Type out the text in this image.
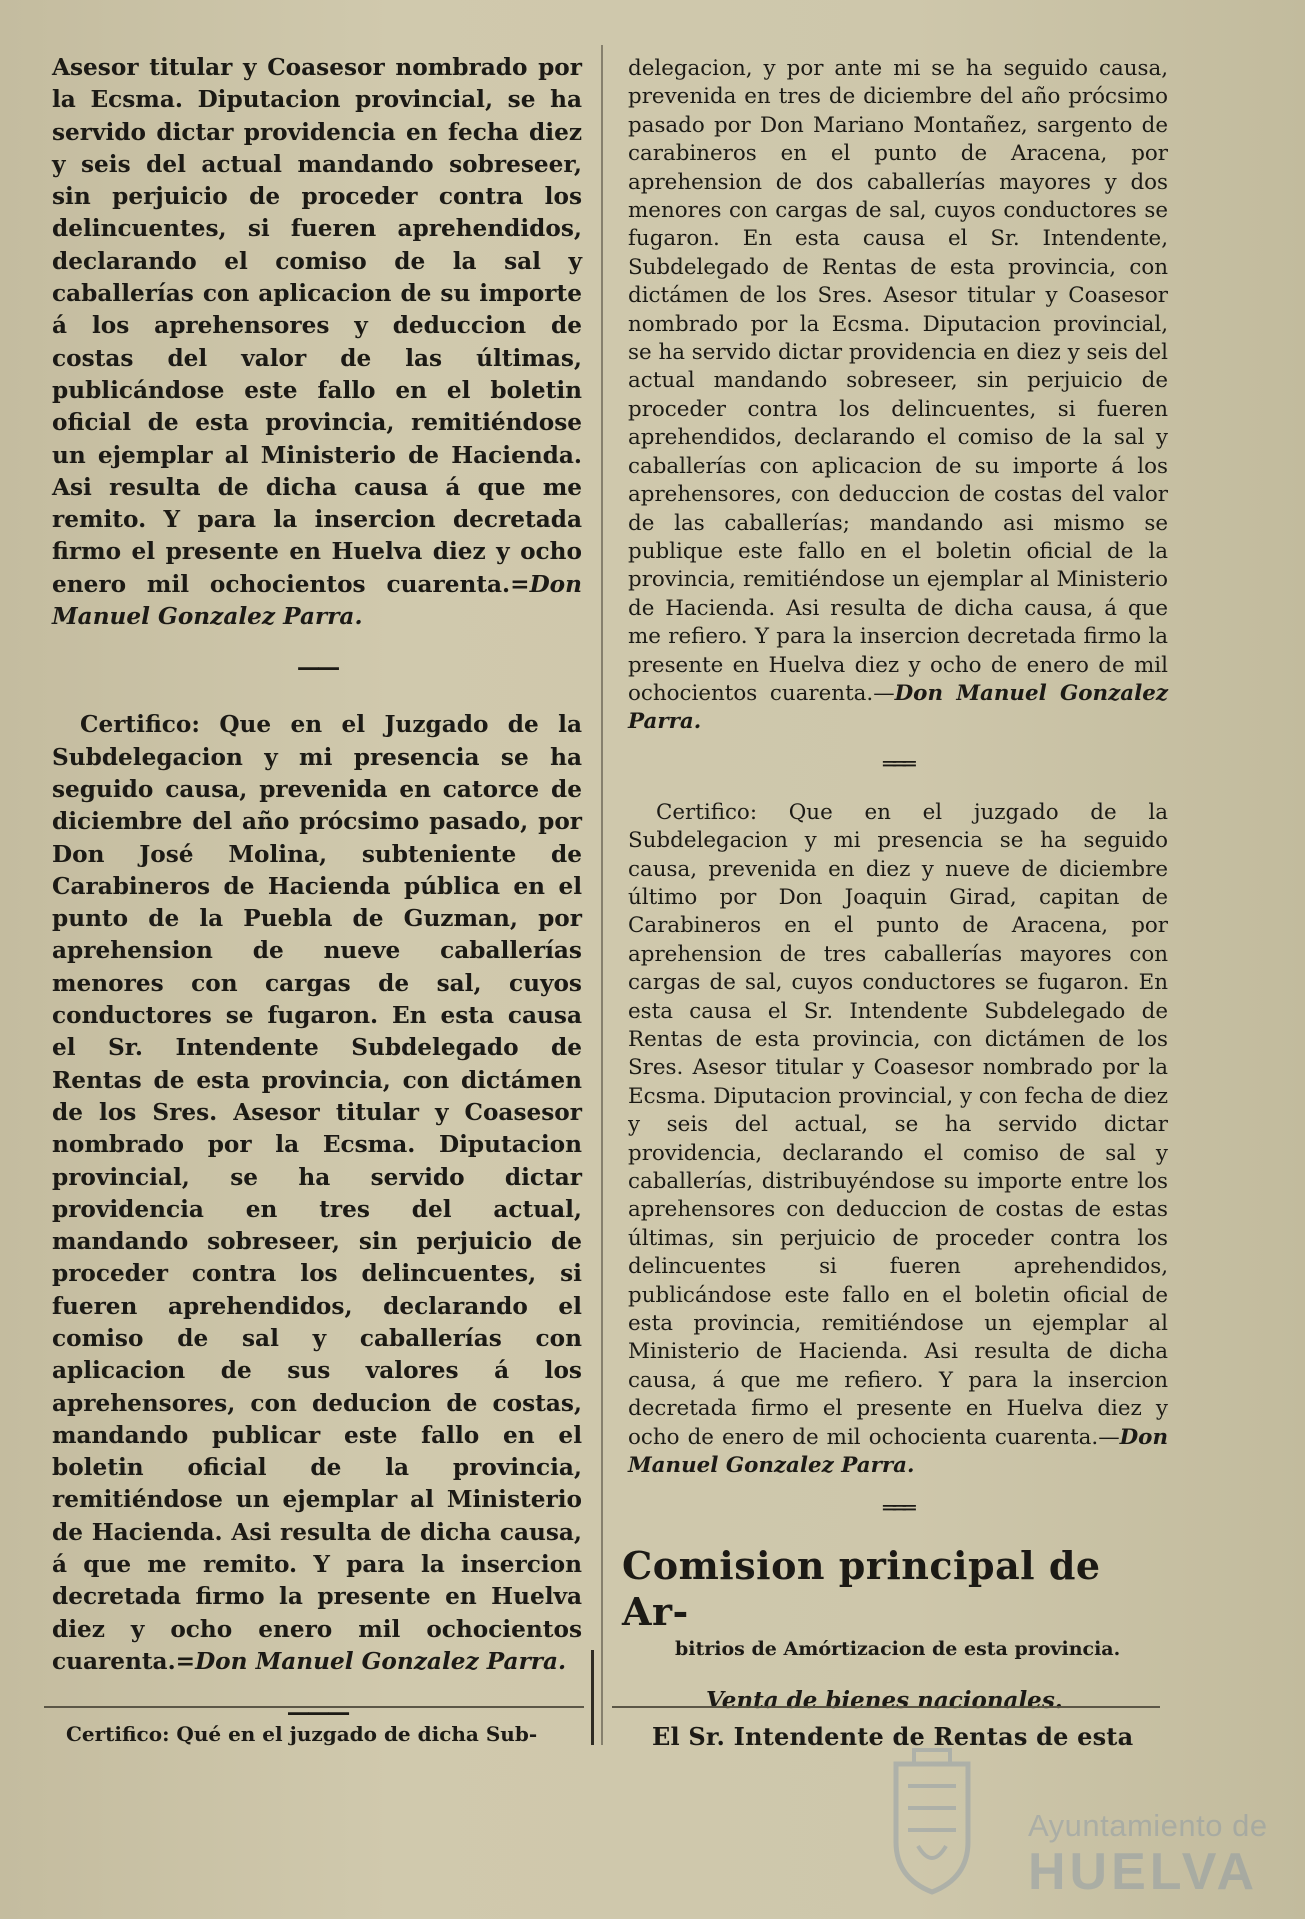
Asesor titular y Coasesor nombrado por la Ecsma. Diputacion provincial, se ha servido dictar providencia en fecha diez y seis del actual mandando sobreseer, sin perjuicio de proceder contra los delincuentes, si fueren aprehendidos, declarando el comiso de la sal y caballerías con aplicacion de su importe á los aprehensores y deduccion de costas del valor de las últimas, publicándose este fallo en el boletin oficial de esta provincia, remitiéndose un ejemplar al Ministerio de Hacienda. Asi resulta de dicha causa á que me remito. Y para la insercion decretada firmo el presente en Huelva diez y ocho enero mil ochocientos cuarenta.=Don Manuel Gonzalez Parra.

——

Certifico: Que en el Juzgado de la Subdelegacion y mi presencia se ha seguido causa, prevenida en catorce de diciembre del año prócsimo pasado, por Don José Molina, subteniente de Carabineros de Hacienda pública en el punto de la Puebla de Guzman, por aprehension de nueve caballerías menores con cargas de sal, cuyos conductores se fugaron. En esta causa el Sr. Intendente Subdelegado de Rentas de esta provincia, con dictámen de los Sres. Asesor titular y Coasesor nombrado por la Ecsma. Diputacion provincial, se ha servido dictar providencia en tres del actual, mandando sobreseer, sin perjuicio de proceder contra los delincuentes, si fueren aprehendidos, declarando el comiso de sal y caballerías con aplicacion de sus valores á los aprehensores, con deducion de costas, mandando publicar este fallo en el boletin oficial de la provincia, remitiéndose un ejemplar al Ministerio de Hacienda. Asi resulta de dicha causa, á que me remito. Y para la insercion decretada firmo la presente en Huelva diez y ocho enero mil ochocientos cuarenta.=Don Manuel Gonzalez Parra.

———

delegacion, y por ante mi se ha seguido causa, prevenida en tres de diciembre del año prócsimo pasado por Don Mariano Montañez, sargento de carabineros en el punto de Aracena, por aprehension de dos caballerías mayores y dos menores con cargas de sal, cuyos conductores se fugaron. En esta causa el Sr. Intendente, Subdelegado de Rentas de esta provincia, con dictámen de los Sres. Asesor titular y Coasesor nombrado por la Ecsma. Diputacion provincial, se ha servido dictar providencia en diez y seis del actual mandando sobreseer, sin perjuicio de proceder contra los delincuentes, si fueren aprehendidos, declarando el comiso de la sal y caballerías con aplicacion de su importe á los aprehensores, con deduccion de costas del valor de las caballerías; mandando asi mismo se publique este fallo en el boletin oficial de la provincia, remitiéndose un ejemplar al Ministerio de Hacienda. Asi resulta de dicha causa, á que me refiero. Y para la insercion decretada firmo la presente en Huelva diez y ocho de enero de mil ochocientos cuarenta.—Don Manuel Gonzalez Parra.

═══

Certifico: Que en el juzgado de la Subdelegacion y mi presencia se ha seguido causa, prevenida en diez y nueve de diciembre último por Don Joaquin Girad, capitan de Carabineros en el punto de Aracena, por aprehension de tres caballerías mayores con cargas de sal, cuyos conductores se fugaron. En esta causa el Sr. Intendente Subdelegado de Rentas de esta provincia, con dictámen de los Sres. Asesor titular y Coasesor nombrado por la Ecsma. Diputacion provincial, y con fecha de diez y seis del actual, se ha servido dictar providencia, declarando el comiso de sal y caballerías, distribuyéndose su importe entre los aprehensores con deduccion de costas de estas últimas, sin perjuicio de proceder contra los delincuentes si fueren aprehendidos, publicándose este fallo en el boletin oficial de esta provincia, remitiéndose un ejemplar al Ministerio de Hacienda. Asi resulta de dicha causa, á que me refiero. Y para la insercion decretada firmo el presente en Huelva diez y ocho de enero de mil ochocienta cuarenta.—Don Manuel Gonzalez Parra.

═══
Comision principal de Ar-
bitrios de Amórtizacion de esta provincia.
Venta de bienes nacionales.
Certifico: Qué en el juzgado de dicha Sub-	El Sr. Intendente de Rentas de esta
Ayuntamiento de
HUELVA
